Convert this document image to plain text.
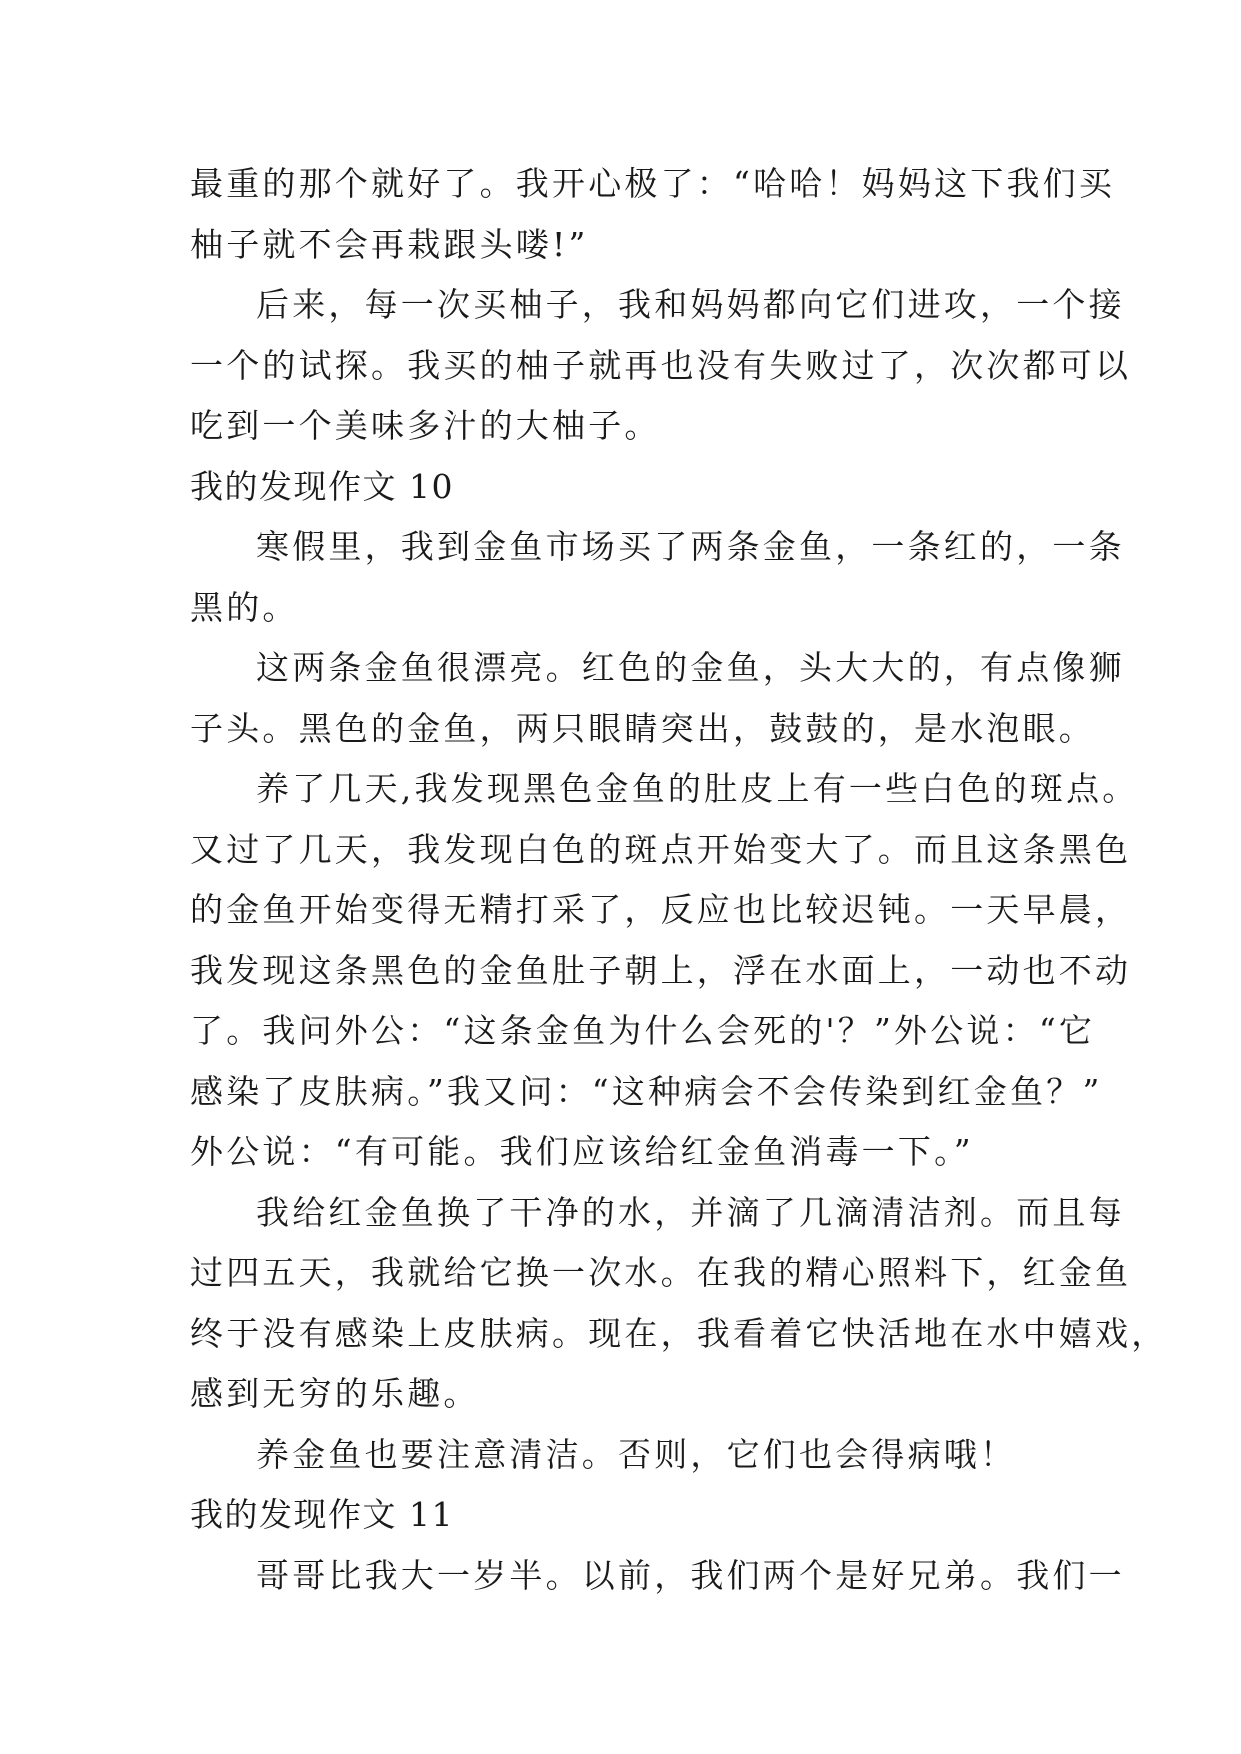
最重的那个就好了。我开心极了：“哈哈！妈妈这下我们买

柚子就不会再栽跟头喽!”

后来，每一次买柚子，我和妈妈都向它们进攻，一个接

一个的试探。我买的柚子就再也没有失败过了，次次都可以

吃到一个美味多汁的大柚子。

我的发现作文 10

寒假里，我到金鱼市场买了两条金鱼，一条红的，一条

黑的。

这两条金鱼很漂亮。红色的金鱼，头大大的，有点像狮

子头。黑色的金鱼，两只眼睛突出，鼓鼓的，是水泡眼。

养了几天,我发现黑色金鱼的肚皮上有一些白色的斑点。

又过了几天，我发现白色的斑点开始变大了。而且这条黑色

的金鱼开始变得无精打采了，反应也比较迟钝。一天早晨，

我发现这条黑色的金鱼肚子朝上，浮在水面上，一动也不动

了。我问外公：“这条金鱼为什么会死的'？”外公说：“它

感染了皮肤病。”我又问：“这种病会不会传染到红金鱼？”

外公说：“有可能。我们应该给红金鱼消毒一下。”

我给红金鱼换了干净的水，并滴了几滴清洁剂。而且每

过四五天，我就给它换一次水。在我的精心照料下，红金鱼

终于没有感染上皮肤病。现在，我看着它快活地在水中嬉戏，

感到无穷的乐趣。

养金鱼也要注意清洁。否则，它们也会得病哦！

我的发现作文 11

哥哥比我大一岁半。以前，我们两个是好兄弟。我们一
